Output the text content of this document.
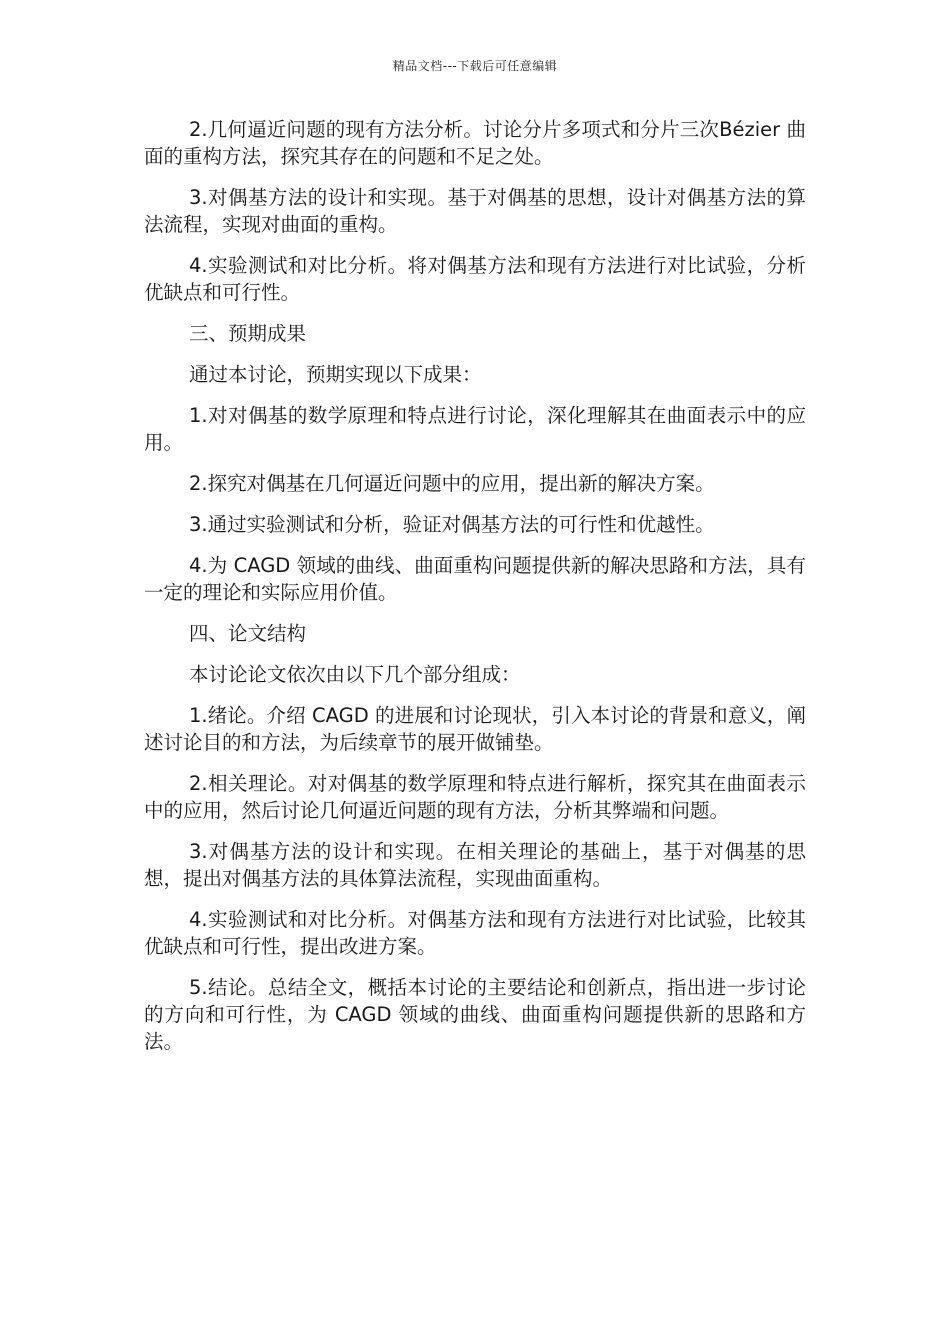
精品文档---下载后可任意编辑

2.几何逼近问题的现有方法分析。讨论分片多项式和分片三次Bézier 曲面的重构方法，探究其存在的问题和不足之处。

3.对偶基方法的设计和实现。基于对偶基的思想，设计对偶基方法的算法流程，实现对曲面的重构。

4.实验测试和对比分析。将对偶基方法和现有方法进行对比试验，分析优缺点和可行性。

三、预期成果

通过本讨论，预期实现以下成果：

1.对对偶基的数学原理和特点进行讨论，深化理解其在曲面表示中的应用。

2.探究对偶基在几何逼近问题中的应用，提出新的解决方案。

3.通过实验测试和分析，验证对偶基方法的可行性和优越性。

4.为 CAGD 领域的曲线、曲面重构问题提供新的解决思路和方法，具有一定的理论和实际应用价值。

四、论文结构

本讨论论文依次由以下几个部分组成：

1.绪论。介绍 CAGD 的进展和讨论现状，引入本讨论的背景和意义，阐述讨论目的和方法，为后续章节的展开做铺垫。

2.相关理论。对对偶基的数学原理和特点进行解析，探究其在曲面表示中的应用，然后讨论几何逼近问题的现有方法，分析其弊端和问题。

3.对偶基方法的设计和实现。在相关理论的基础上，基于对偶基的思想，提出对偶基方法的具体算法流程，实现曲面重构。

4.实验测试和对比分析。对偶基方法和现有方法进行对比试验，比较其优缺点和可行性，提出改进方案。

5.结论。总结全文，概括本讨论的主要结论和创新点，指出进一步讨论的方向和可行性，为 CAGD 领域的曲线、曲面重构问题提供新的思路和方法。
